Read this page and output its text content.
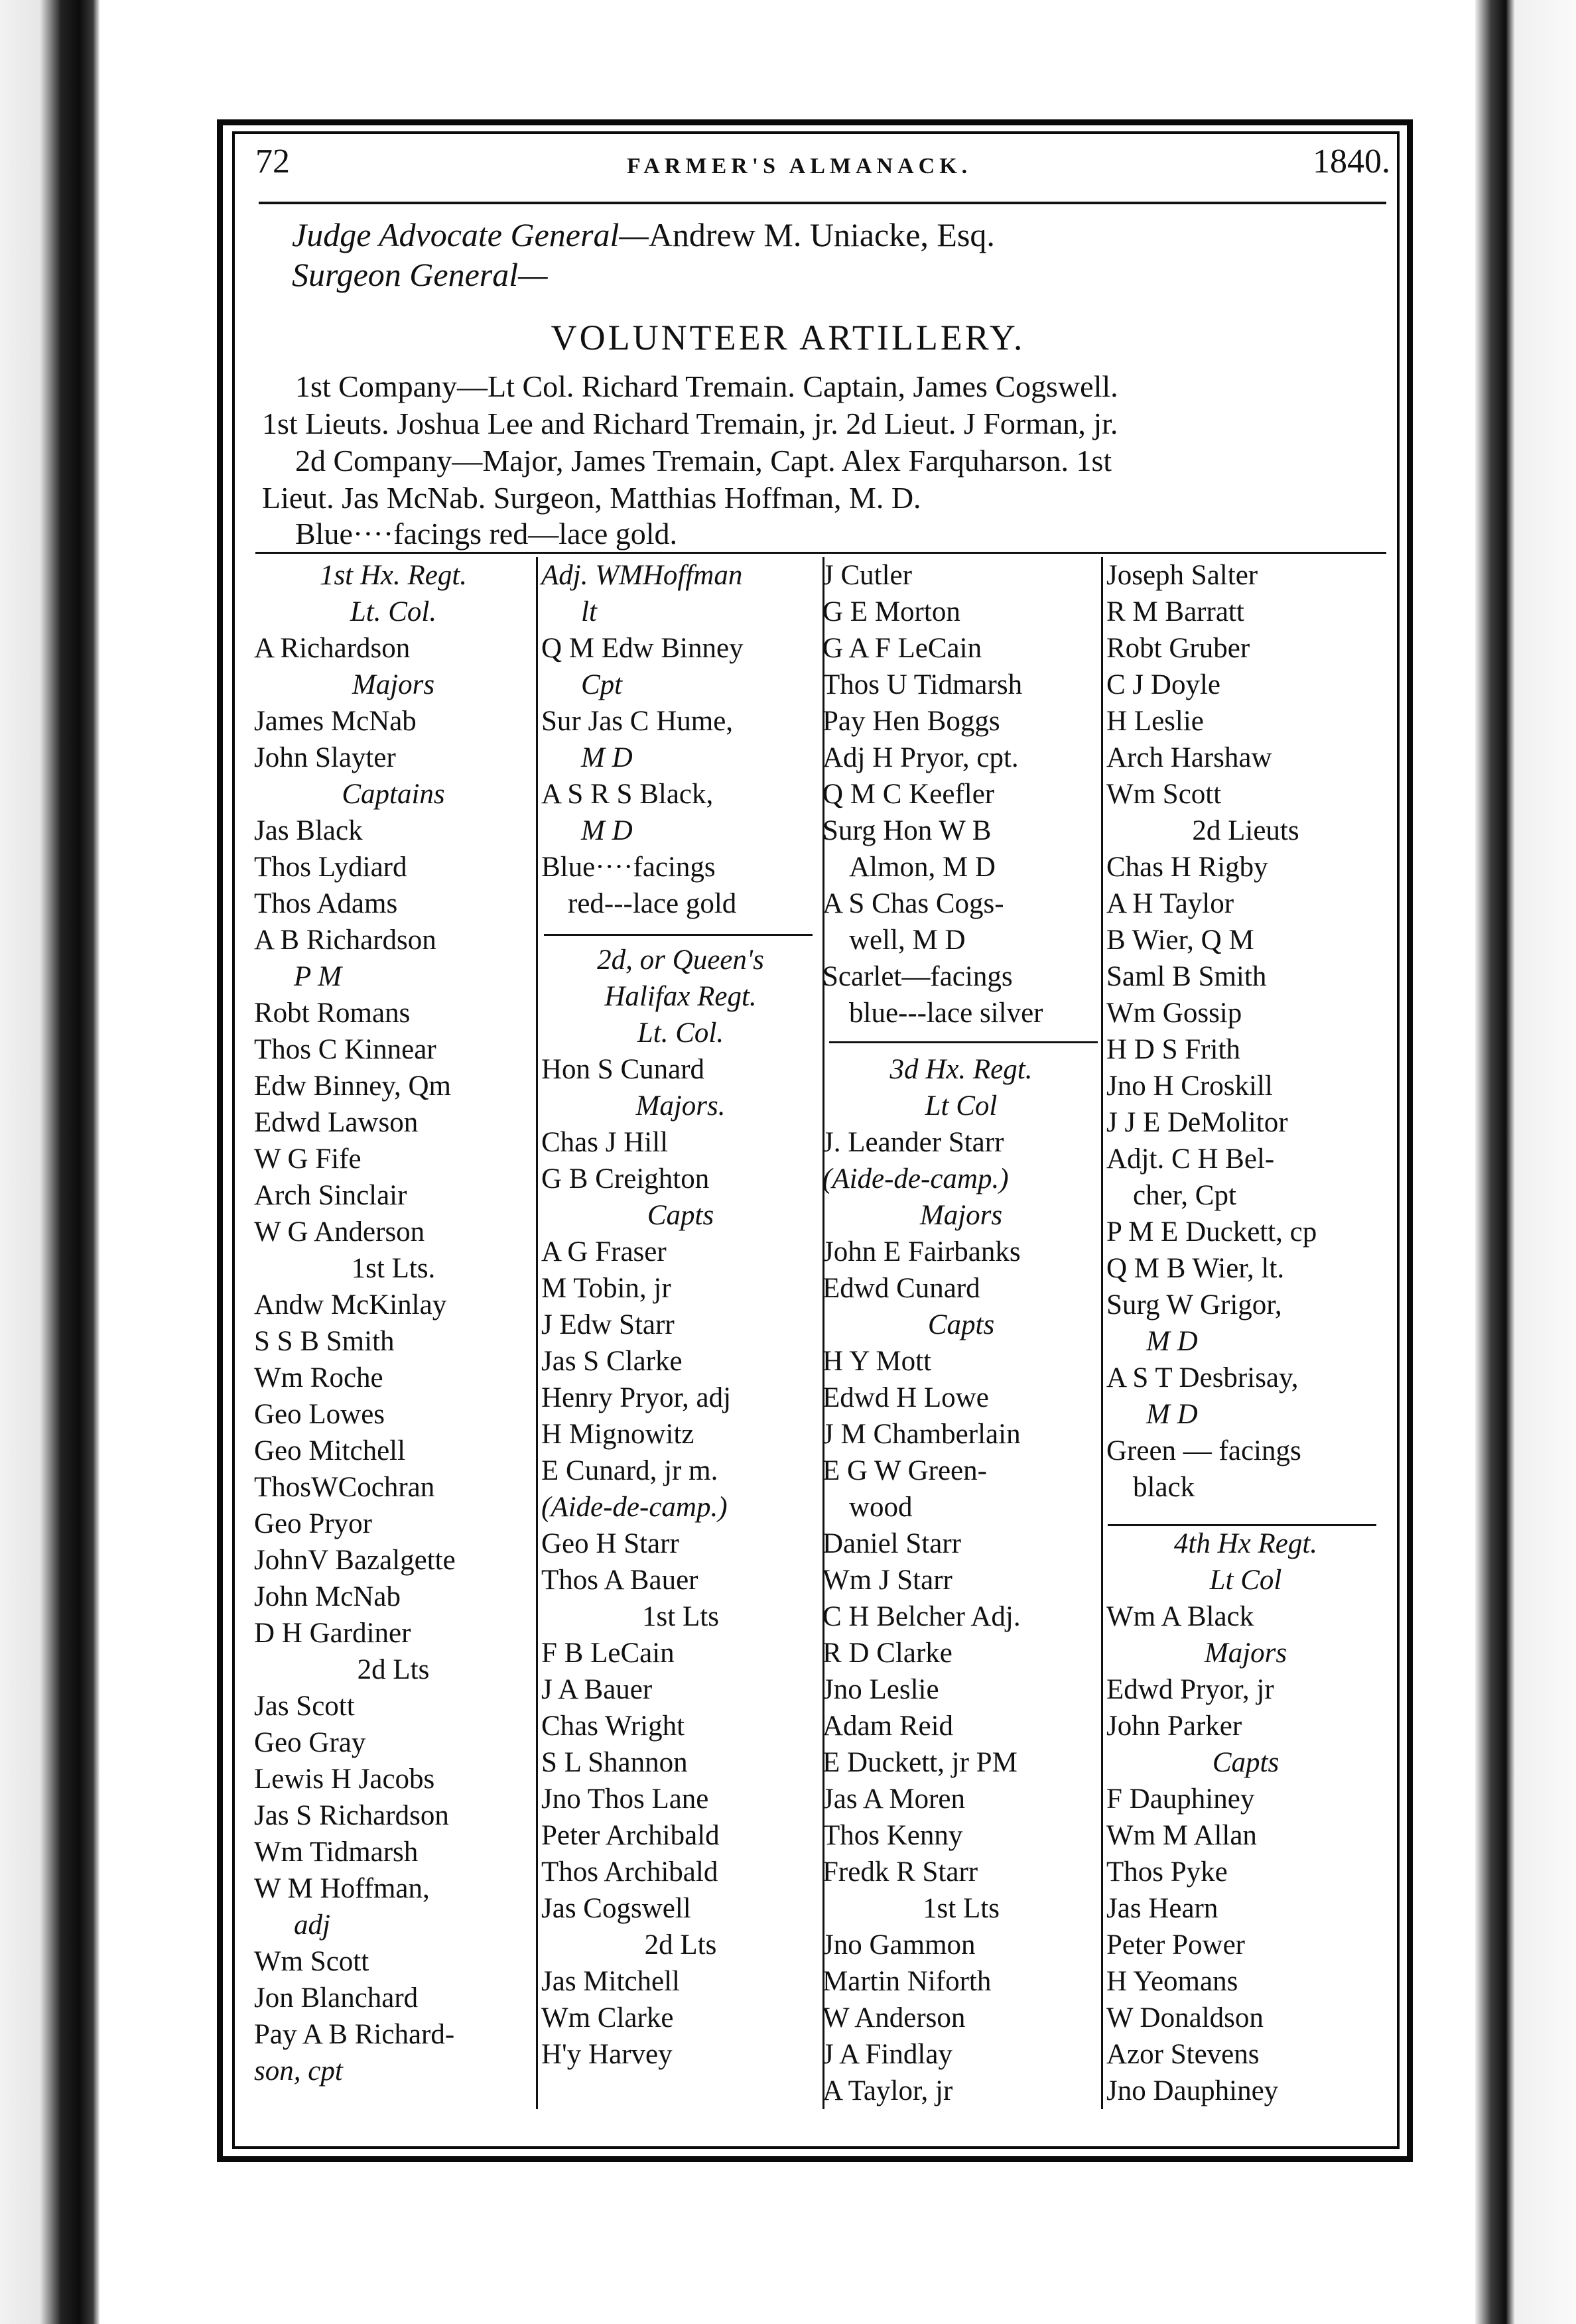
72	FARMER'S ALMANACK.	1840.
Judge Advocate General—Andrew M. Uniacke, Esq.
Surgeon General—
VOLUNTEER ARTILLERY.
1st Company—Lt Col. Richard Tremain. Captain, James Cogswell.
1st Lieuts. Joshua Lee and Richard Tremain, jr. 2d Lieut. J Forman, jr.
2d Company—Major, James Tremain, Capt. Alex Farquharson. 1st
Lieut. Jas McNab. Surgeon, Matthias Hoffman, M. D.
Blue····facings red—lace gold.
1st Hx. Regt.
Lt. Col.
A Richardson
Majors
James McNab
John Slayter
Captains
Jas Black
Thos Lydiard
Thos Adams
A B Richardson
P M
Robt Romans
Thos C Kinnear
Edw Binney, Qm
Edwd Lawson
W G Fife
Arch Sinclair
W G Anderson
1st Lts.
Andw McKinlay
S S B Smith
Wm Roche
Geo Lowes
Geo Mitchell
ThosWCochran
Geo Pryor
JohnV Bazalgette
John McNab
D H Gardiner
2d Lts
Jas Scott
Geo Gray
Lewis H Jacobs
Jas S Richardson
Wm Tidmarsh
W M Hoffman,
adj
Wm Scott
Jon Blanchard
Pay A B Richard-
son, cpt
Adj. WMHoffman
lt
Q M Edw Binney
Cpt
Sur Jas C Hume,
M D
A S R S Black,
M D
Blue····facings
red---lace gold
2d, or Queen's
Halifax Regt.
Lt. Col.
Hon S Cunard
Majors.
Chas J Hill
G B Creighton
Capts
A G Fraser
M Tobin, jr
J Edw Starr
Jas S Clarke
Henry Pryor, adj
H Mignowitz
E Cunard, jr m.
(Aide-de-camp.)
Geo H Starr
Thos A Bauer
1st Lts
F B LeCain
J A Bauer
Chas Wright
S L Shannon
Jno Thos Lane
Peter Archibald
Thos Archibald
Jas Cogswell
2d Lts
Jas Mitchell
Wm Clarke
H'y Harvey
J Cutler
G E Morton
G A F LeCain
Thos U Tidmarsh
Pay Hen Boggs
Adj H Pryor, cpt.
Q M C Keefler
Surg Hon W B
Almon, M D
A S Chas Cogs-
well, M D
Scarlet—facings
blue---lace silver
3d Hx. Regt.
Lt Col
J. Leander Starr
(Aide-de-camp.)
Majors
John E Fairbanks
Edwd Cunard
Capts
H Y Mott
Edwd H Lowe
J M Chamberlain
E G W Green-
wood
Daniel Starr
Wm J Starr
C H Belcher Adj.
R D Clarke
Jno Leslie
Adam Reid
E Duckett, jr PM
Jas A Moren
Thos Kenny
Fredk R Starr
1st Lts
Jno Gammon
Martin Niforth
W Anderson
J A Findlay
A Taylor, jr
Joseph Salter
R M Barratt
Robt Gruber
C J Doyle
H Leslie
Arch Harshaw
Wm Scott
2d Lieuts
Chas H Rigby
A H Taylor
B Wier, Q M
Saml B Smith
Wm Gossip
H D S Frith
Jno H Croskill
J J E DeMolitor
Adjt. C H Bel-
cher, Cpt
P M E Duckett, cp
Q M B Wier, lt.
Surg W Grigor,
M D
A S T Desbrisay,
M D
Green — facings
black
4th Hx Regt.
Lt Col
Wm A Black
Majors
Edwd Pryor, jr
John Parker
Capts
F Dauphiney
Wm M Allan
Thos Pyke
Jas Hearn
Peter Power
H Yeomans
W Donaldson
Azor Stevens
Jno Dauphiney
